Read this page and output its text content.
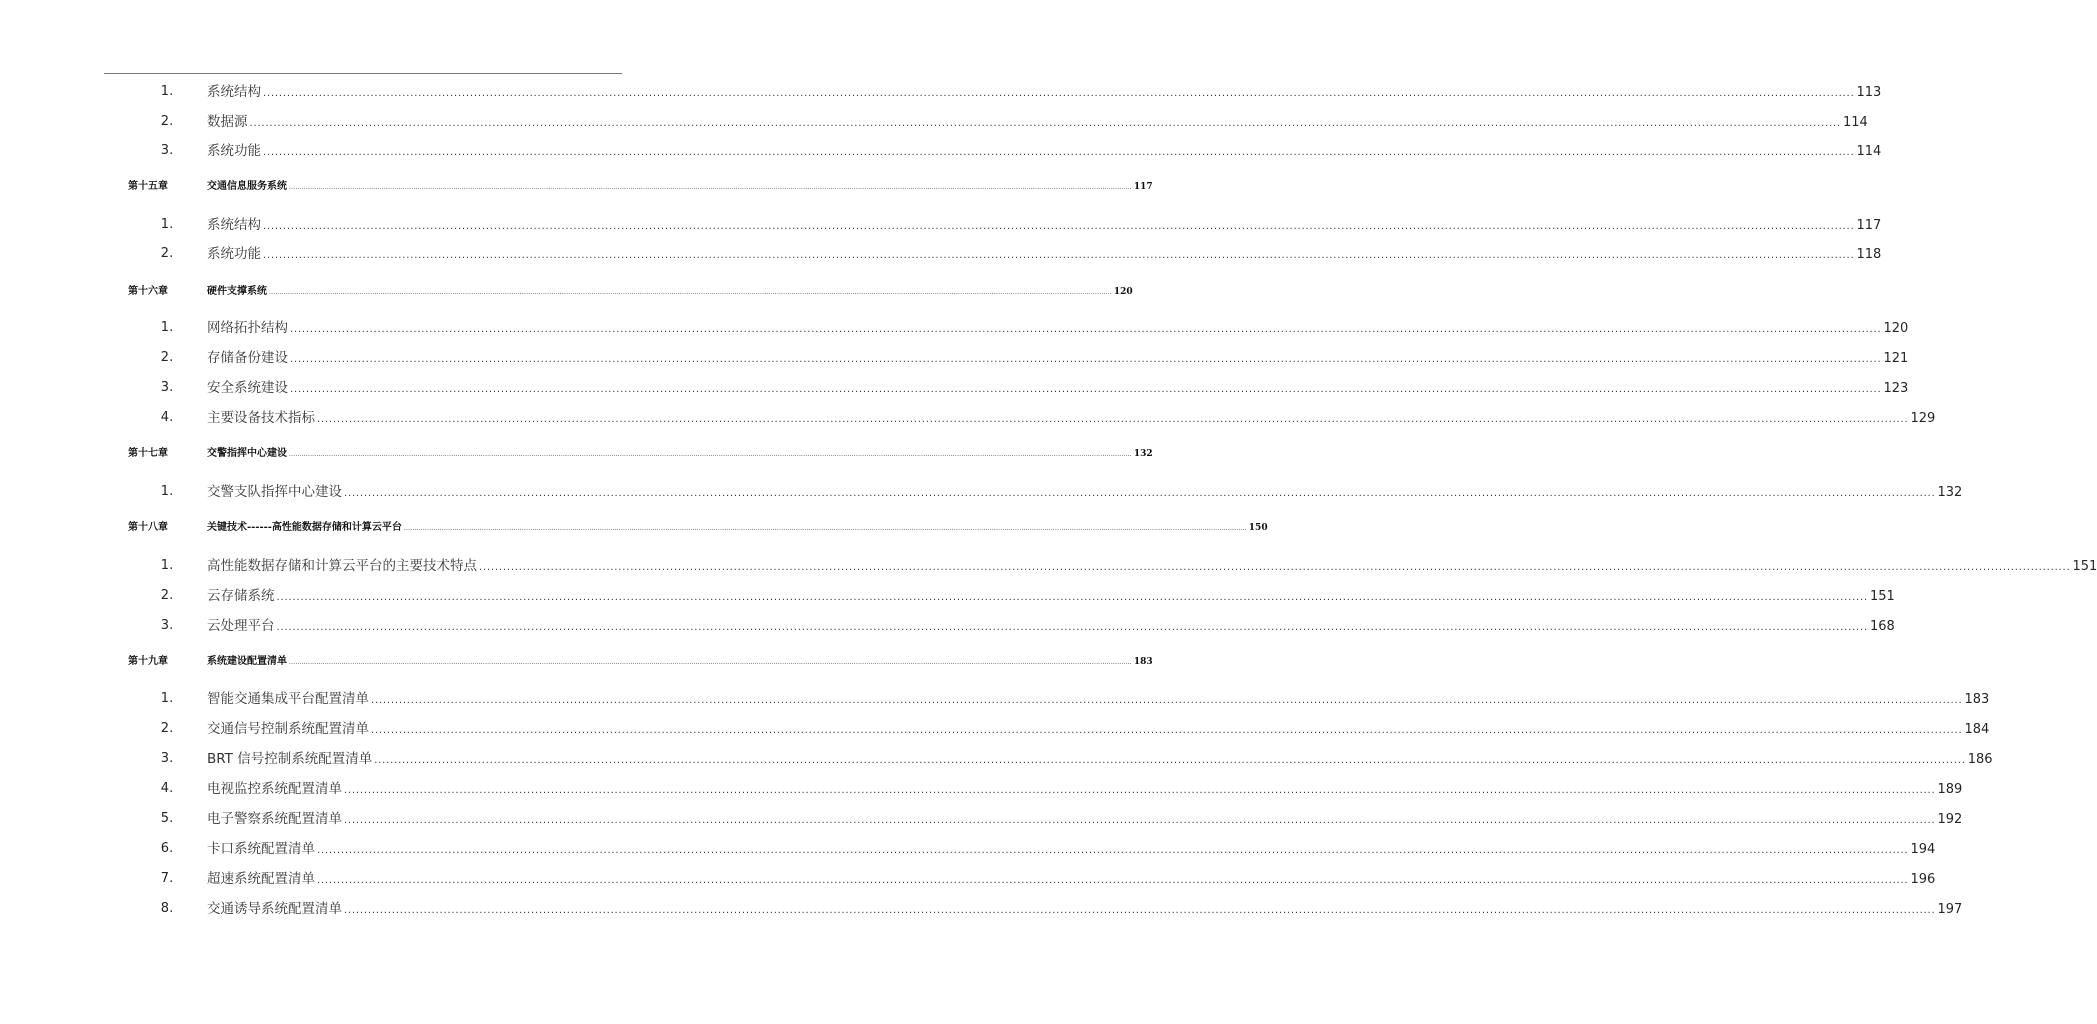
1.	系统结构 ................................................................................................................................................................................................................................................................................................................................................................................................................ 113
2.	数据源 ................................................................................................................................................................................................................................................................................................................................................................................................................ 114
3.	系统功能 ................................................................................................................................................................................................................................................................................................................................................................................................................ 114
第十五章	交通信息服务系统 ................................................................................................................................................................................................................................................................................................................................................................................................................ 117
1.	系统结构 ................................................................................................................................................................................................................................................................................................................................................................................................................ 117
2.	系统功能 ................................................................................................................................................................................................................................................................................................................................................................................................................ 118
第十六章	硬件支撑系统 ................................................................................................................................................................................................................................................................................................................................................................................................................ 120
1.	网络拓扑结构 ................................................................................................................................................................................................................................................................................................................................................................................................................ 120
2.	存储备份建设 ................................................................................................................................................................................................................................................................................................................................................................................................................ 121
3.	安全系统建设 ................................................................................................................................................................................................................................................................................................................................................................................................................ 123
4.	主要设备技术指标 ................................................................................................................................................................................................................................................................................................................................................................................................................ 129
第十七章	交警指挥中心建设 ................................................................................................................................................................................................................................................................................................................................................................................................................ 132
1.	交警支队指挥中心建设 ................................................................................................................................................................................................................................................................................................................................................................................................................ 132
第十八章	关键技术------高性能数据存储和计算云平台 ................................................................................................................................................................................................................................................................................................................................................................................................................ 150
1.	高性能数据存储和计算云平台的主要技术特点 ................................................................................................................................................................................................................................................................................................................................................................................................................ 151
2.	云存储系统 ................................................................................................................................................................................................................................................................................................................................................................................................................ 151
3.	云处理平台 ................................................................................................................................................................................................................................................................................................................................................................................................................ 168
第十九章	系统建设配置清单 ................................................................................................................................................................................................................................................................................................................................................................................................................ 183
1.	智能交通集成平台配置清单 ................................................................................................................................................................................................................................................................................................................................................................................................................ 183
2.	交通信号控制系统配置清单 ................................................................................................................................................................................................................................................................................................................................................................................................................ 184
3.	BRT 信号控制系统配置清单 ................................................................................................................................................................................................................................................................................................................................................................................................................ 186
4.	电视监控系统配置清单 ................................................................................................................................................................................................................................................................................................................................................................................................................ 189
5.	电子警察系统配置清单 ................................................................................................................................................................................................................................................................................................................................................................................................................ 192
6.	卡口系统配置清单 ................................................................................................................................................................................................................................................................................................................................................................................................................ 194
7.	超速系统配置清单 ................................................................................................................................................................................................................................................................................................................................................................................................................ 196
8.	交通诱导系统配置清单 ................................................................................................................................................................................................................................................................................................................................................................................................................ 197
